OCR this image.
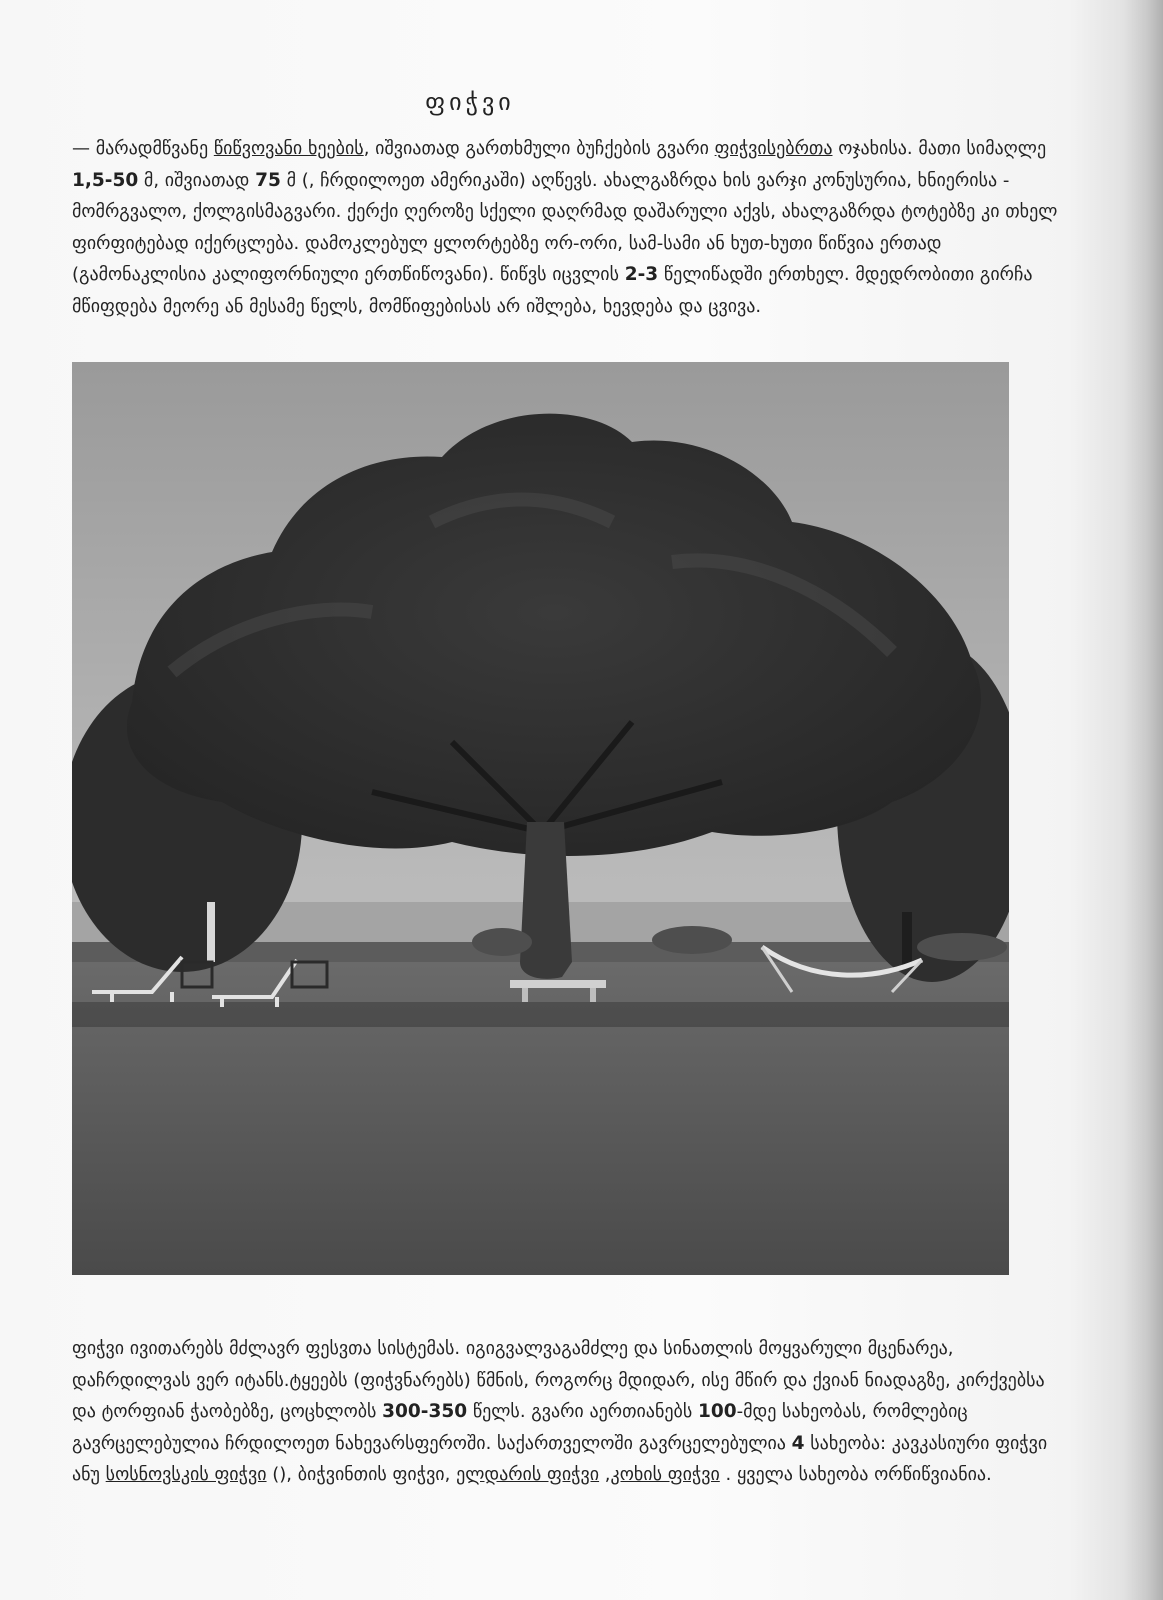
ფიჭვი
— მარადმწვანე წიწვოვანი ხეების, იშვიათად გართხმული ბუჩქების გვარი ფიჭვისებრთა ოჯახისა. მათი სიმაღლე 1,5-50 მ, იშვიათად 75 მ (, ჩრდილოეთ ამერიკაში) აღწევს. ახალგაზრდა ხის ვარჯი კონუსურია, ხნიერისა - მომრგვალო, ქოლგისმაგვარი. ქერქი ღეროზე სქელი დაღრმად დაშარული აქვს, ახალგაზრდა ტოტებზე კი თხელ ფირფიტებად იქერცლება. დამოკლებულ ყლორტებზე ორ-ორი, სამ-სამი ან ხუთ-ხუთი წიწვია ერთად (გამონაკლისია კალიფორნიული ერთწიწოვანი). წიწვს იცვლის 2-3 წელიწადში ერთხელ. მდედრობითი გირჩა მწიფდება მეორე ან მესამე წელს, მომწიფებისას არ იშლება, ხევდება და ცვივა.
ფიჭვი ივითარებს მძლავრ ფესვთა სისტემას. იგიგვალვაგამძლე და სინათლის მოყვარული მცენარეა, დაჩრდილვას ვერ იტანს.ტყეებს (ფიჭვნარებს) წმნის, როგორც მდიდარ, ისე მწირ და ქვიან ნიადაგზე, კირქვებსა და ტორფიან ჭაობებზე, ცოცხლობს 300-350 წელს. გვარი აერთიანებს 100-მდე სახეობას, რომლებიც გავრცელებულია ჩრდილოეთ ნახევარსფეროში. საქართველოში გავრცელებულია 4 სახეობა: კავკასიური ფიჭვი ანუ სოსნოვსკის ფიჭვი (), ბიჭვინთის ფიჭვი, ელდარის ფიჭვი ,კოხის ფიჭვი . ყველა სახეობა ორწიწვიანია.
